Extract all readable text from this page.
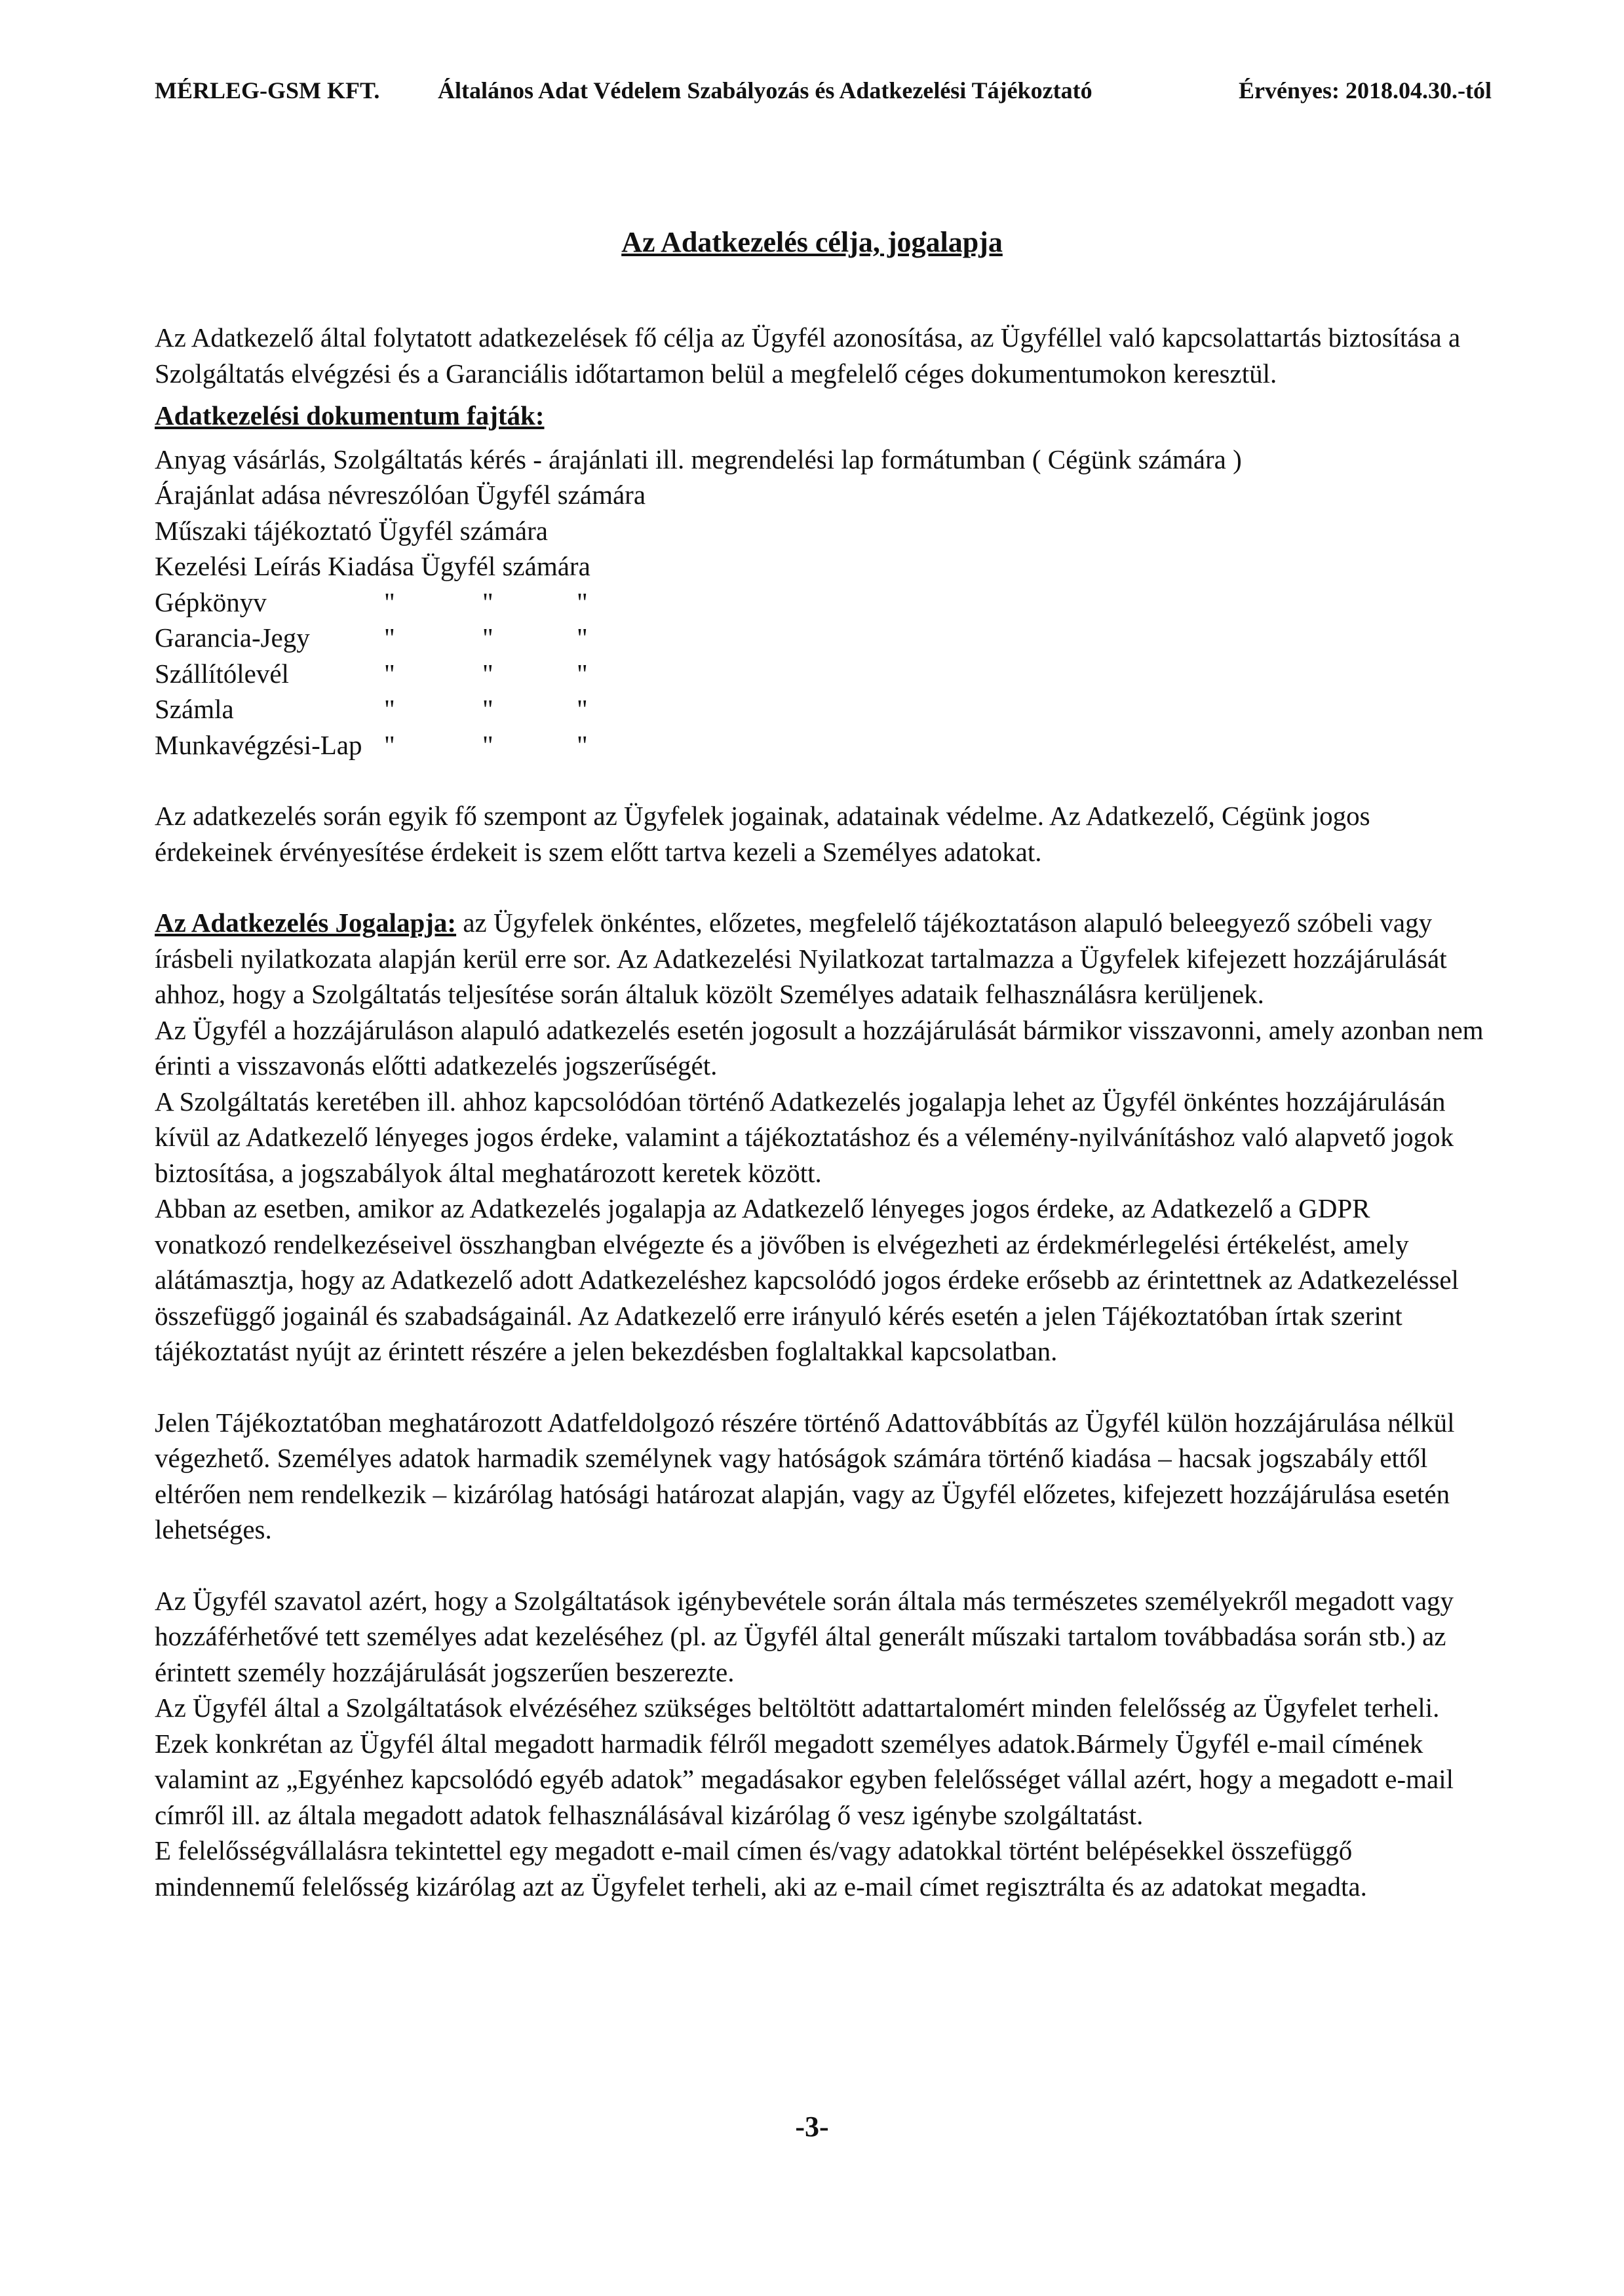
MÉRLEG-GSM KFT. Általános Adat Védelem Szabályozás és Adatkezelési Tájékoztató	Érvényes: 2018.04.30.-tól
Az Adatkezelés célja, jogalapja

Az Adatkezelő által folytatott adatkezelések fő célja az Ügyfél azonosítása, az Ügyféllel való kapcsolattartás biztosítása a Szolgáltatás elvégzési és a Garanciális időtartamon belül a megfelelő céges dokumentumokon keresztül.

Adatkezelési dokumentum fajták:

Anyag vásárlás, Szolgáltatás kérés - árajánlati ill. megrendelési lap formátumban ( Cégünk számára )

Árajánlat adása névreszólóan Ügyfél számára

Műszaki tájékoztató Ügyfél számára

Kezelési Leírás Kiadása Ügyfél számára

Gépkönyv	"	"	"
Garancia-Jegy	"	"	"
Szállítólevél	"	"	"
Számla	"	"	"
Munkavégzési-Lap "	"	"

Az adatkezelés során egyik fő szempont az Ügyfelek jogainak, adatainak védelme. Az Adatkezelő, Cégünk jogos érdekeinek érvényesítése érdekeit is szem előtt tartva kezeli a Személyes adatokat.

Az Adatkezelés Jogalapja: az Ügyfelek önkéntes, előzetes, megfelelő tájékoztatáson alapuló beleegyező szóbeli vagy írásbeli nyilatkozata alapján kerül erre sor. Az Adatkezelési Nyilatkozat tartalmazza a Ügyfelek kifejezett hozzájárulását ahhoz, hogy a Szolgáltatás teljesítése során általuk közölt Személyes adataik felhasználásra kerüljenek.

Az Ügyfél a hozzájáruláson alapuló adatkezelés esetén jogosult a hozzájárulását bármikor visszavonni, amely azonban nem érinti a visszavonás előtti adatkezelés jogszerűségét.

A Szolgáltatás keretében ill. ahhoz kapcsolódóan történő Adatkezelés jogalapja lehet az Ügyfél önkéntes hozzájárulásán kívül az Adatkezelő lényeges jogos érdeke, valamint a tájékoztatáshoz és a vélemény-nyilvánításhoz való alapvető jogok biztosítása, a jogszabályok által meghatározott keretek között.

Abban az esetben, amikor az Adatkezelés jogalapja az Adatkezelő lényeges jogos érdeke, az Adatkezelő a GDPR vonatkozó rendelkezéseivel összhangban elvégezte és a jövőben is elvégezheti az érdekmérlegelési értékelést, amely alátámasztja, hogy az Adatkezelő adott Adatkezeléshez kapcsolódó jogos érdeke erősebb az érintettnek az Adatkezeléssel összefüggő jogainál és szabadságainál. Az Adatkezelő erre irányuló kérés esetén a jelen Tájékoztatóban írtak szerint tájékoztatást nyújt az érintett részére a jelen bekezdésben foglaltakkal kapcsolatban.

Jelen Tájékoztatóban meghatározott Adatfeldolgozó részére történő Adattovábbítás az Ügyfél külön hozzájárulása nélkül végezhető. Személyes adatok harmadik személynek vagy hatóságok számára történő kiadása – hacsak jogszabály ettől eltérően nem rendelkezik – kizárólag hatósági határozat alapján, vagy az Ügyfél előzetes, kifejezett hozzájárulása esetén lehetséges.

Az Ügyfél szavatol azért, hogy a Szolgáltatások igénybevétele során általa más természetes személyekről megadott vagy hozzáférhetővé tett személyes adat kezeléséhez (pl. az Ügyfél által generált műszaki tartalom továbbadása során stb.) az érintett személy hozzájárulását jogszerűen beszerezte.

Az Ügyfél által a Szolgáltatások elvézéséhez szükséges beltöltött adattartalomért minden felelősség az Ügyfelet terheli. Ezek konkrétan az Ügyfél által megadott harmadik félről megadott személyes adatok.Bármely Ügyfél e-mail címének valamint az „Egyénhez kapcsolódó egyéb adatok” megadásakor egyben felelősséget vállal azért, hogy a megadott e-mail címről ill. az általa megadott adatok felhasználásával kizárólag ő vesz igénybe szolgáltatást.

E felelősségvállalásra tekintettel egy megadott e-mail címen és/vagy adatokkal történt belépésekkel összefüggő mindennemű felelősség kizárólag azt az Ügyfelet terheli, aki az e-mail címet regisztrálta és az adatokat megadta.

-3-
